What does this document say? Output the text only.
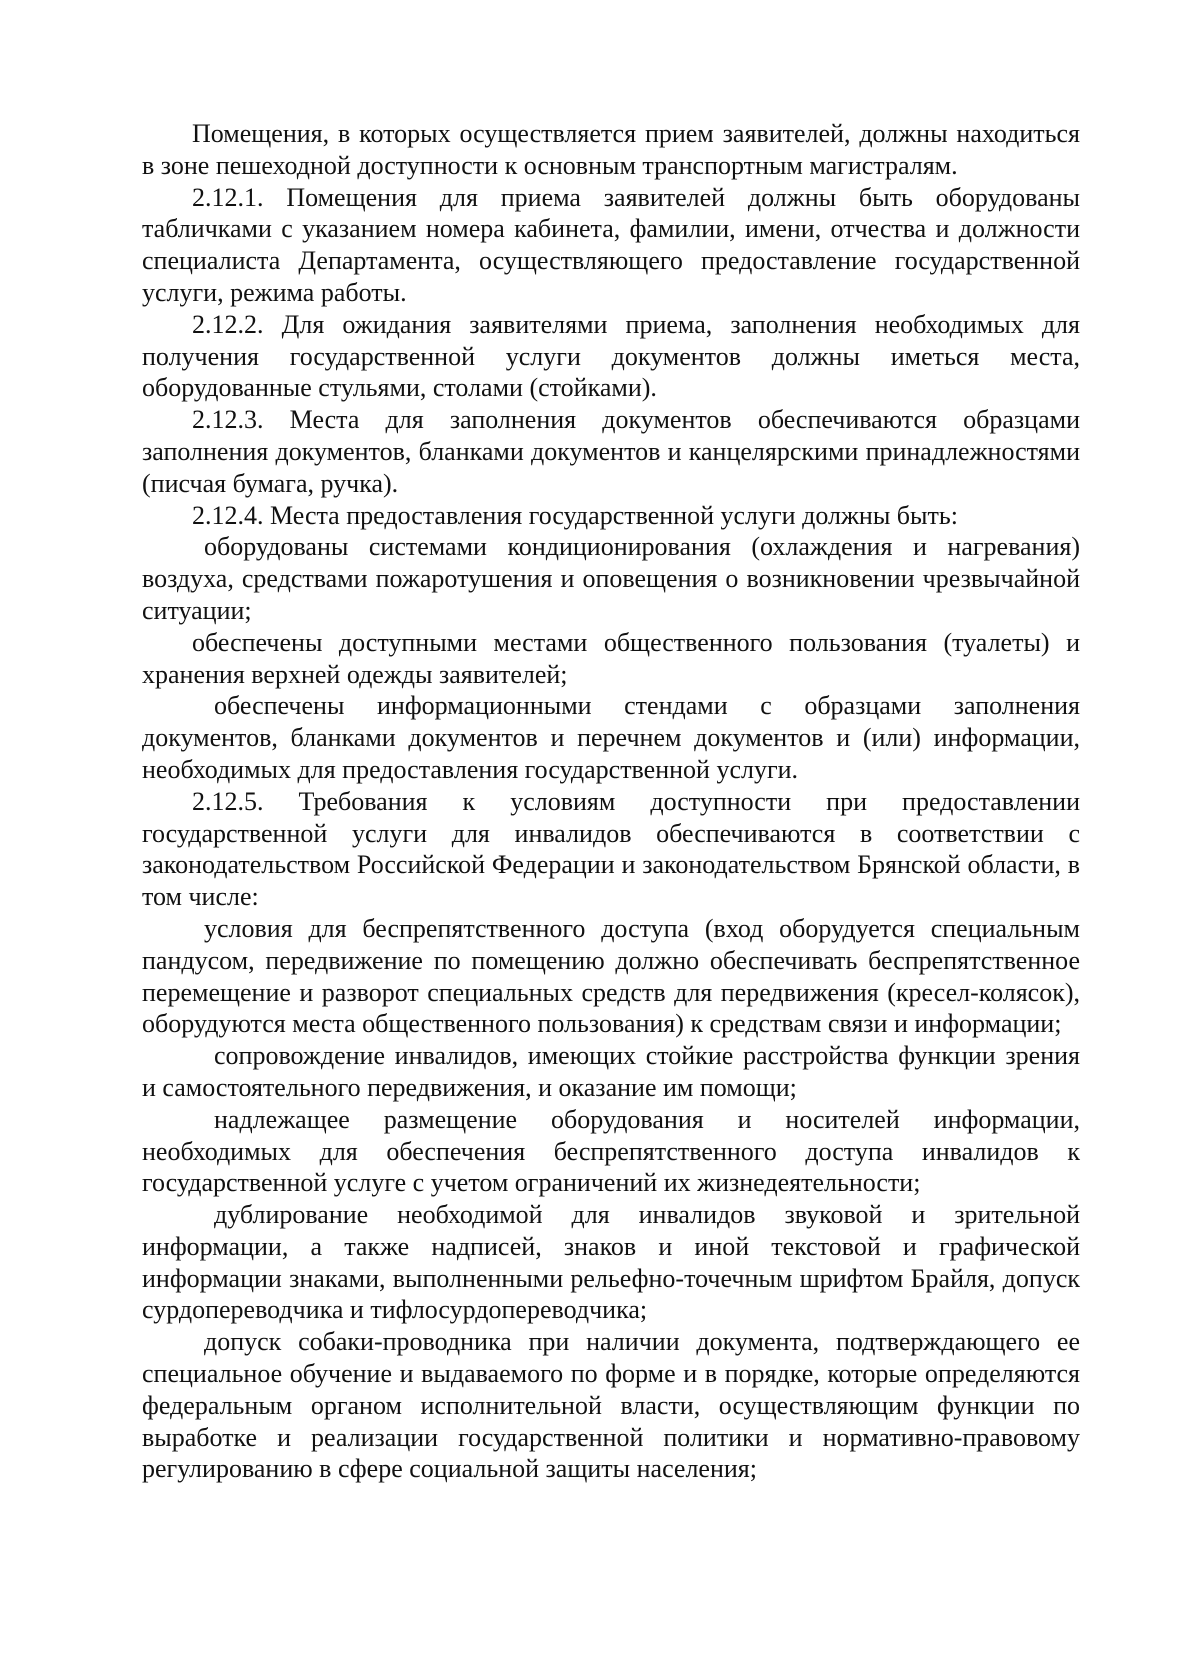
Помещения, в которых осуществляется прием заявителей, должны находиться в зоне пешеходной доступности к основным транспортным магистралям.

2.12.1. Помещения для приема заявителей должны быть оборудованы табличками с указанием номера кабинета, фамилии, имени, отчества и должности специалиста Департамента, осуществляющего предоставление государственной услуги, режима работы.

2.12.2. Для ожидания заявителями приема, заполнения необходимых для получения государственной услуги документов должны иметься места, оборудованные стульями, столами (стойками).

2.12.3. Места для заполнения документов обеспечиваются образцами заполнения документов, бланками документов и канцелярскими принадлежностями (писчая бумага, ручка).

2.12.4. Места предоставления государственной услуги должны быть:

оборудованы системами кондиционирования (охлаждения и нагревания) воздуха, средствами пожаротушения и оповещения о возникновении чрезвычайной ситуации;

обеспечены доступными местами общественного пользования (туалеты) и хранения верхней одежды заявителей;

обеспечены информационными стендами с образцами заполнения документов, бланками документов и перечнем документов и (или) информации, необходимых для предоставления государственной услуги.

2.12.5. Требования к условиям доступности при предоставлении государственной услуги для инвалидов обеспечиваются в соответствии с законодательством Российской Федерации и законодательством Брянской области, в том числе:

условия для беспрепятственного доступа (вход оборудуется специальным пандусом, передвижение по помещению должно обеспечивать беспрепятственное перемещение и разворот специальных средств для передвижения (кресел-колясок), оборудуются места общественного пользования) к средствам связи и информации;

сопровождение инвалидов, имеющих стойкие расстройства функции зрения и самостоятельного передвижения, и оказание им помощи;

надлежащее размещение оборудования и носителей информации, необходимых для обеспечения беспрепятственного доступа инвалидов к государственной услуге с учетом ограничений их жизнедеятельности;

дублирование необходимой для инвалидов звуковой и зрительной информации, а также надписей, знаков и иной текстовой и графической информации знаками, выполненными рельефно-точечным шрифтом Брайля, допуск сурдопереводчика и тифлосурдопереводчика;

допуск собаки-проводника при наличии документа, подтверждающего ее специальное обучение и выдаваемого по форме и в порядке, которые определяются федеральным органом исполнительной власти, осуществляющим функции по выработке и реализации государственной политики и нормативно-правовому регулированию в сфере социальной защиты населения;
